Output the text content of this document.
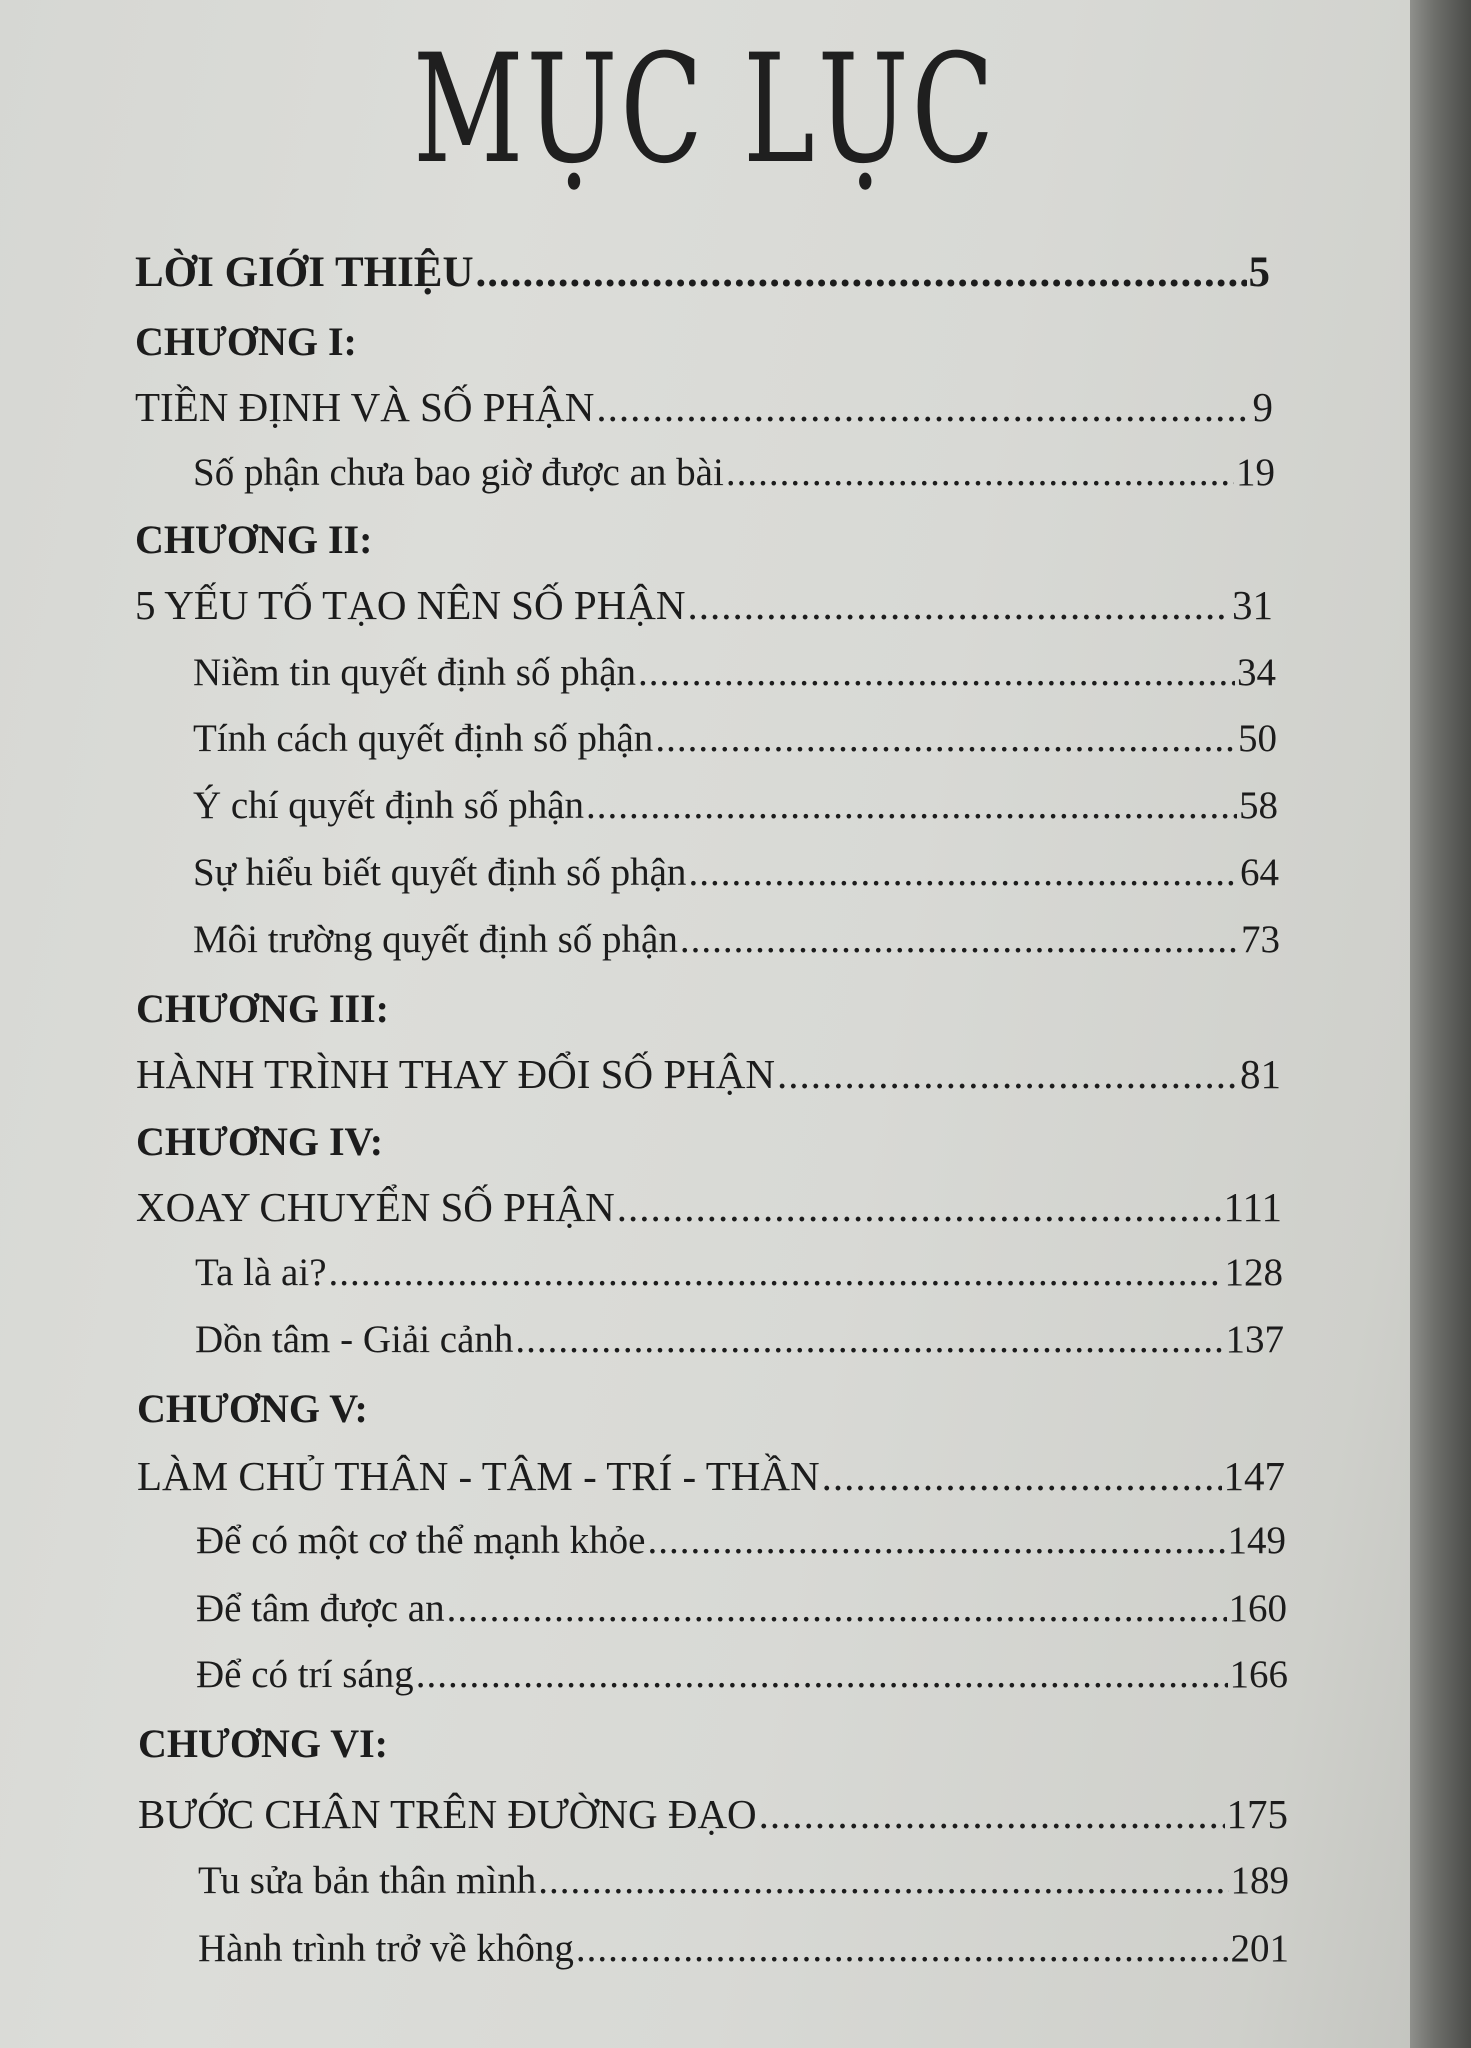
MỤC LỤC
LỜI GIỚI THIỆU .....	5
CHƯƠNG I:
TIỀN ĐỊNH VÀ SỐ PHẬN .....	9
Số phận chưa bao giờ được an bài .....	19
CHƯƠNG II:
5 YẾU TỐ TẠO NÊN SỐ PHẬN .....	31
Niềm tin quyết định số phận .....	34
Tính cách quyết định số phận .....	50
Ý chí quyết định số phận .....	58
Sự hiểu biết quyết định số phận .....	64
Môi trường quyết định số phận .....	73
CHƯƠNG III:
HÀNH TRÌNH THAY ĐỔI SỐ PHẬN .....	81
CHƯƠNG IV:
XOAY CHUYỂN SỐ PHẬN .....	111
Ta là ai? .....	128
Dồn tâm - Giải cảnh .....	137
CHƯƠNG V:
LÀM CHỦ THÂN - TÂM - TRÍ - THẦN .....	147
Để có một cơ thể mạnh khỏe .....	149
Để tâm được an .....	160
Để có trí sáng .....	166
CHƯƠNG VI:
BƯỚC CHÂN TRÊN ĐƯỜNG ĐẠO .....	175
Tu sửa bản thân mình .....	189
Hành trình trở về không .....	201
